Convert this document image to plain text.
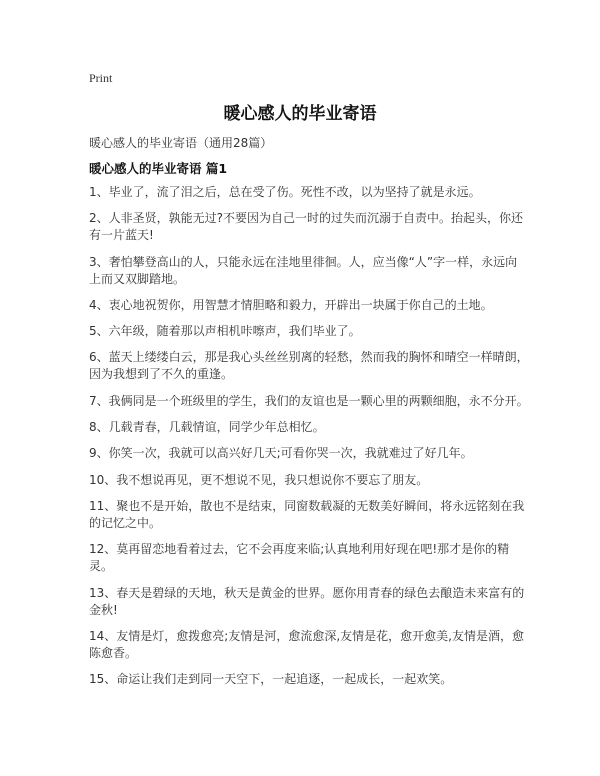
Print
暖心感人的毕业寄语
暖心感人的毕业寄语（通用28篇）
暖心感人的毕业寄语 篇1
1、毕业了，流了泪之后，总在受了伤。死性不改，以为坚持了就是永远。
2、人非圣贤，孰能无过?不要因为自己一时的过失而沉溺于自责中。抬起头，你还有一片蓝天!
3、奢怕攀登高山的人，只能永远在洼地里徘徊。人，应当像“人”字一样，永远向上而又双脚踏地。
4、衷心地祝贺你，用智慧才情胆略和毅力，开辟出一块属于你自己的土地。
5、六年级，随着那以声相机咔嚓声，我们毕业了。
6、蓝天上缕缕白云，那是我心头丝丝别离的轻愁，然而我的胸怀和晴空一样晴朗，因为我想到了不久的重逢。
7、我俩同是一个班级里的学生，我们的友谊也是一颗心里的两颗细胞，永不分开。
8、几载青春，几载情谊，同学少年总相忆。
9、你笑一次，我就可以高兴好几天;可看你哭一次，我就难过了好几年。
10、我不想说再见，更不想说不见，我只想说你不要忘了朋友。
11、聚也不是开始，散也不是结束，同窗数载凝的无数美好瞬间，将永远铭刻在我的记忆之中。
12、莫再留恋地看着过去，它不会再度来临;认真地利用好现在吧!那才是你的精灵。
13、春天是碧绿的天地，秋天是黄金的世界。愿你用青春的绿色去酿造未来富有的金秋!
14、友情是灯，愈拨愈亮;友情是河，愈流愈深,友情是花，愈开愈美,友情是酒，愈陈愈香。
15、命运让我们走到同一天空下，一起追逐，一起成长，一起欢笑。
